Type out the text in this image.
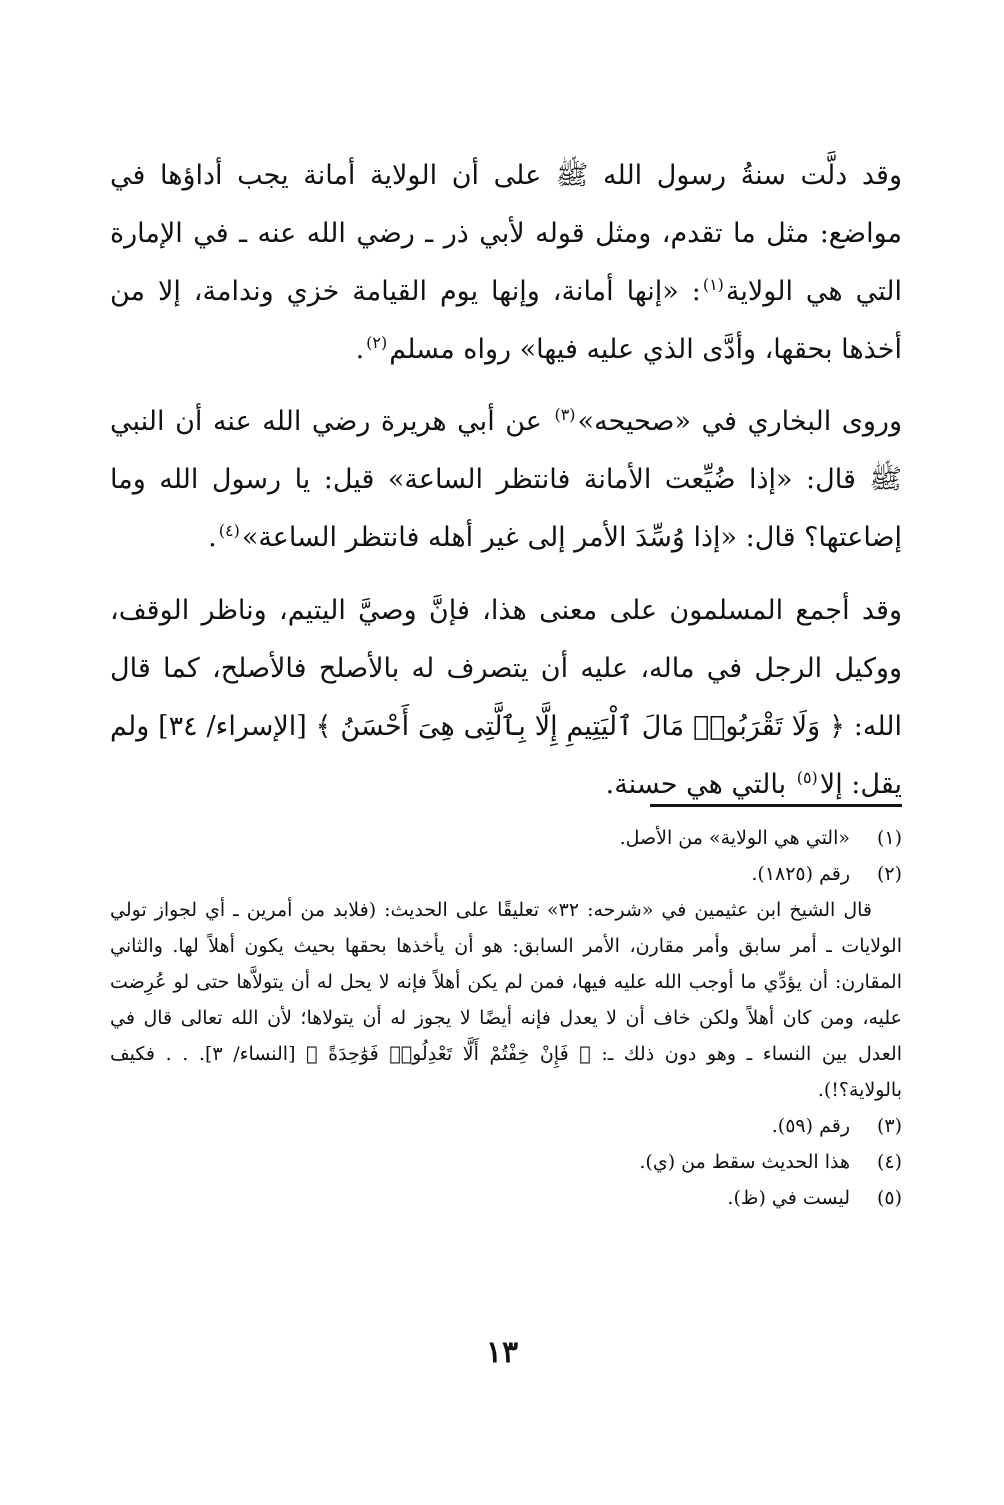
وقد دلَّت سنةُ رسول الله ﷺ على أن الولاية أمانة يجب أداؤها في مواضع: مثل ما تقدم، ومثل قوله لأبي ذر ـ رضي الله عنه ـ في الإمارة التي هي الولاية$^{(١)}$: «إنها أمانة، وإنها يوم القيامة خزي وندامة، إلا من أخذها بحقها، وأدَّى الذي عليه فيها» رواه مسلم$^{(٢)}$.

وروى البخاري في «صحيحه»$^{(٣)}$ عن أبي هريرة رضي الله عنه أن النبي ﷺ قال: «إذا ضُيِّعت الأمانة فانتظر الساعة» قيل: يا رسول الله وما إضاعتها؟ قال: «إذا وُسِّدَ الأمر إلى غير أهله فانتظر الساعة»$^{(٤)}$.

وقد أجمع المسلمون على معنى هذا، فإنَّ وصيَّ اليتيم، وناظر الوقف، ووكيل الرجل في ماله، عليه أن يتصرف له بالأصلح فالأصلح، كما قال الله: ﴿ وَلَا تَقْرَبُوا۟ مَالَ ٱلْيَتِيمِ إِلَّا بِٱلَّتِى هِىَ أَحْسَنُ ﴾ [الإسراء/ ٣٤] ولم يقل: إلا$^{(٥)}$ بالتي هي حسنة.

(١)
«التي هي الولاية» من الأصل.
(٢)
رقم (١٨٢٥).
قال الشيخ ابن عثيمين في «شرحه: ٣٢» تعليقًا على الحديث: (فلابد من أمرين ـ أي لجواز تولي الولايات ـ أمر سابق وأمر مقارن، الأمر السابق: هو أن يأخذها بحقها بحيث يكون أهلاً لها. والثاني المقارن: أن يؤدِّي ما أوجب الله عليه فيها، فمن لم يكن أهلاً فإنه لا يحل له أن يتولاَّها حتى لو عُرِضت عليه، ومن كان أهلاً ولكن خاف أن لا يعدل فإنه أيضًا لا يجوز له أن يتولاها؛ لأن الله تعالى قال في العدل بين النساء ـ وهو دون ذلك ـ: ﴿ فَإِنْ خِفْتُمْ أَلَّا تَعْدِلُوا۟ فَوَٰحِدَةً ﴾ [النساء/ ٣]. . . فكيف بالولاية؟!).
(٣)
رقم (٥٩).
(٤)
هذا الحديث سقط من (ي).
(٥)
ليست في (ظ).
١٣
